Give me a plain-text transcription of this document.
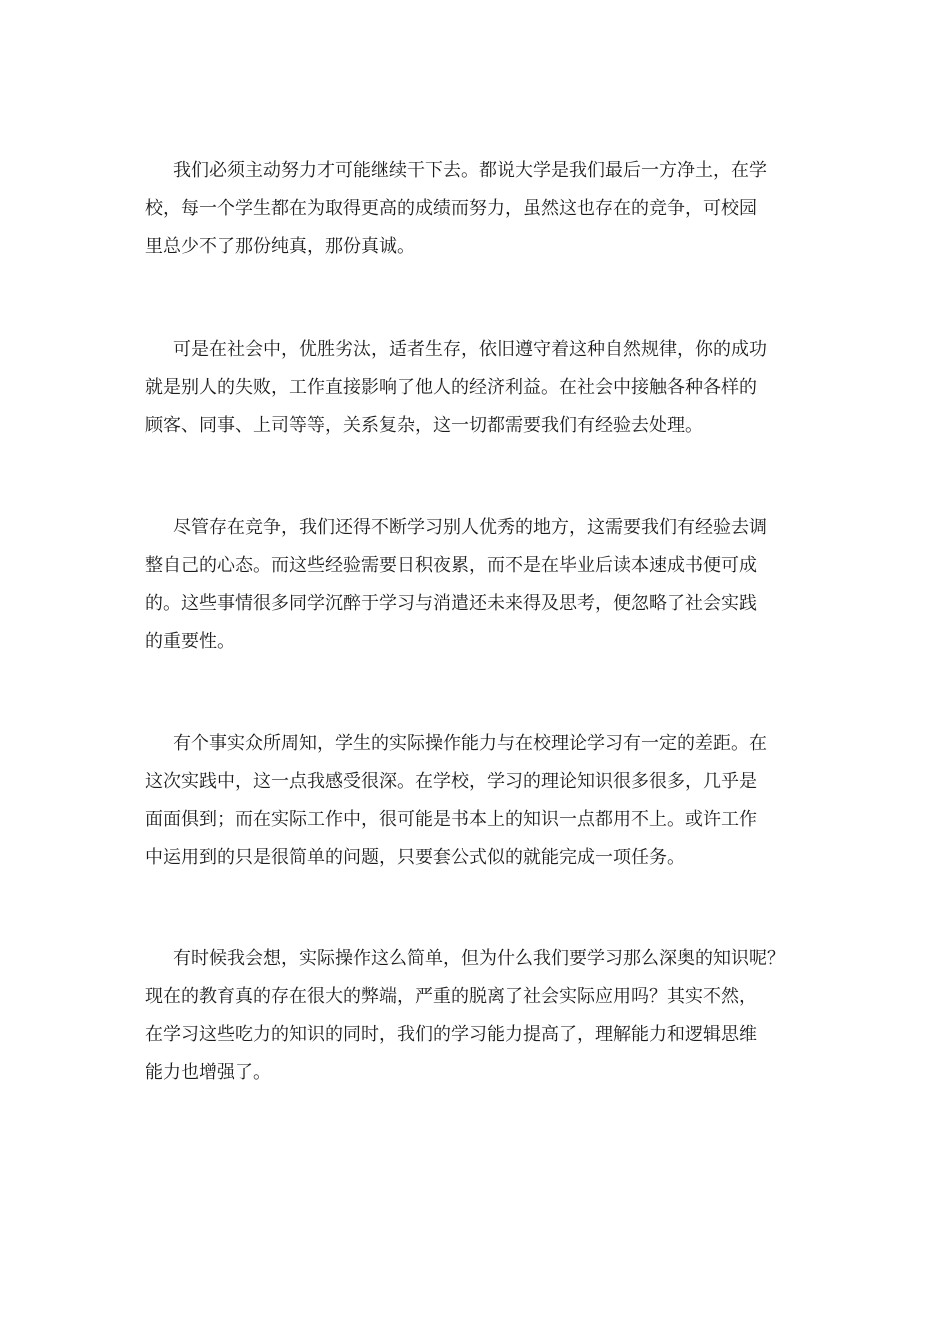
我们必须主动努力才可能继续干下去。都说大学是我们最后一方净土，在学
校，每一个学生都在为取得更高的成绩而努力，虽然这也存在的竞争，可校园
里总少不了那份纯真，那份真诚。
可是在社会中，优胜劣汰，适者生存，依旧遵守着这种自然规律，你的成功
就是别人的失败，工作直接影响了他人的经济利益。在社会中接触各种各样的
顾客、同事、上司等等，关系复杂，这一切都需要我们有经验去处理。
尽管存在竞争，我们还得不断学习别人优秀的地方，这需要我们有经验去调
整自己的心态。而这些经验需要日积夜累，而不是在毕业后读本速成书便可成
的。这些事情很多同学沉醉于学习与消遣还未来得及思考，便忽略了社会实践
的重要性。
有个事实众所周知，学生的实际操作能力与在校理论学习有一定的差距。在
这次实践中，这一点我感受很深。在学校，学习的理论知识很多很多，几乎是
面面俱到；而在实际工作中，很可能是书本上的知识一点都用不上。或许工作
中运用到的只是很简单的问题，只要套公式似的就能完成一项任务。
有时候我会想，实际操作这么简单，但为什么我们要学习那么深奥的知识呢？
现在的教育真的存在很大的弊端，严重的脱离了社会实际应用吗？其实不然，
在学习这些吃力的知识的同时，我们的学习能力提高了，理解能力和逻辑思维
能力也增强了。
